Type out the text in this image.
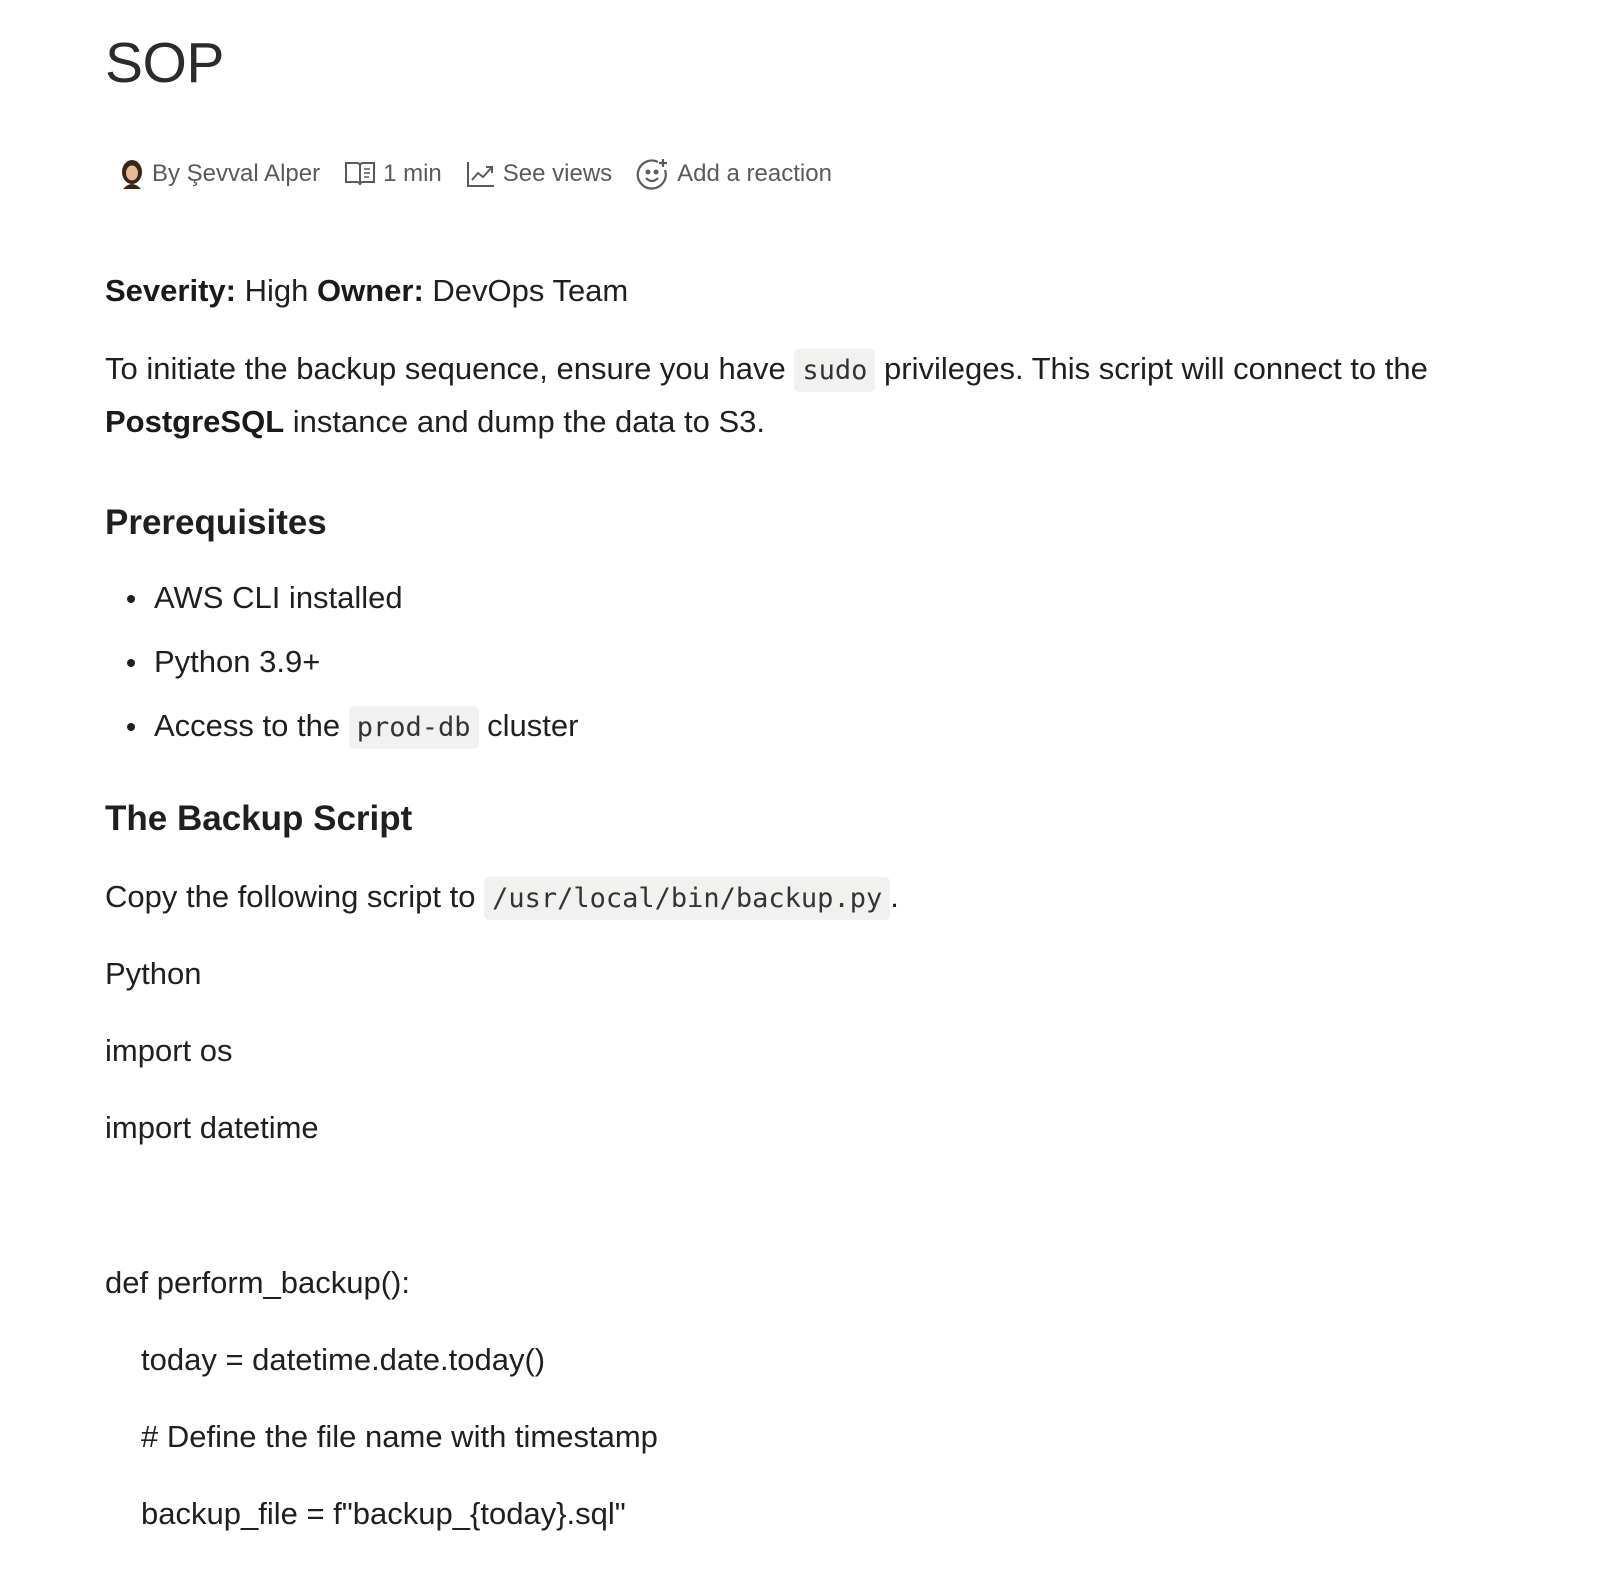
SOP
By Şevval Alper	1 min	See views	Add a reaction

Severity: High Owner: DevOps Team

To initiate the backup sequence, ensure you have sudo privileges. This script will connect to the

PostgreSQL instance and dump the data to S3.

Prerequisites
AWS CLI installed
Python 3.9+
Access to the prod-db cluster
The Backup Script

Copy the following script to /usr/local/bin/backup.py .

Python

import os

import datetime

def perform_backup():

today = datetime.date.today()

# Define the file name with timestamp

backup_file = f"backup_{today}.sql"
